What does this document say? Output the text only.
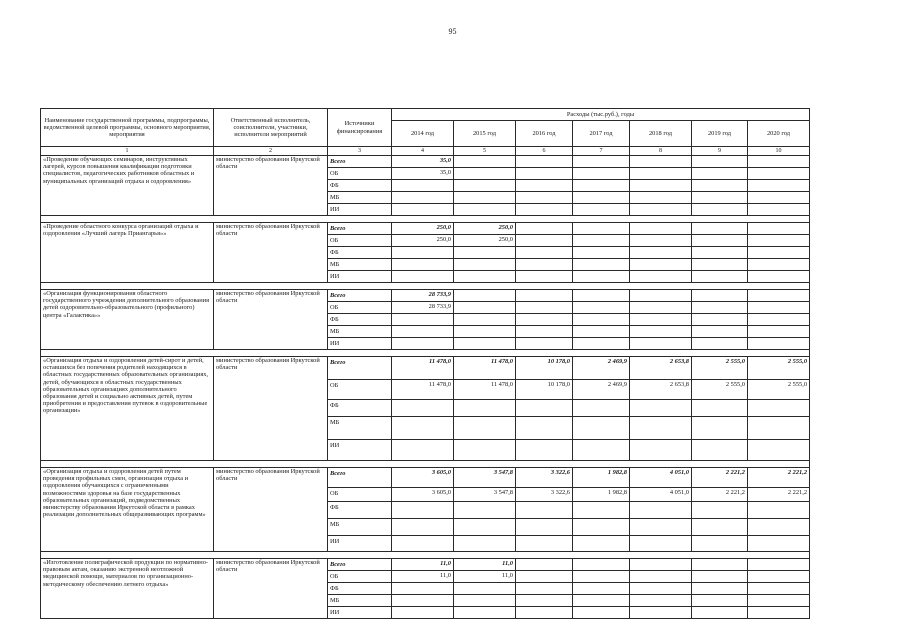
95
Наименование государственной программы, подпрограммы, ведомственной целевой программы, основного мероприятия, мероприятия	Ответственный исполнитель, соисполнители, участники, исполнители мероприятий	Источники финансирования	Расходы (тыс.руб.), годы						
			2014 год	2015 год	2016 год	2017 год	2018 год	2019 год	2020 год
1	2	3	4	5	6	7	8	9	10
«Проведение обучающих семинаров, инструктивных лагерей, курсов повышения квалификации подготовки специалистов, педагогических работников областных и муниципальных организаций отдыха и оздоровления»	министерство образования Иркутской области	Всего	35,0						
		ОБ	35,0						
		ФБ							
		МБ							
		ИИ							

«Проведение областного конкурса организаций отдыха и оздоровления «Лучший лагерь Приангарья»»	министерство образования Иркутской области	Всего	250,0	250,0					
		ОБ	250,0	250,0					
		ФБ							
		МБ							
		ИИ							

«Организация функционирования областного государственного учреждения дополнительного образования детей оздоровительно-образовательного (профильного) центра «Галактика»»	министерство образования Иркутской области	Всего	28 733,9						
		ОБ	28 733,9						
		ФБ							
		МБ							
		ИИ							

«Организация отдыха и оздоровления детей-сирот и детей, оставшихся без попечения родителей находящихся в областных государственных образовательных организациях, детей, обучающихся в областных государственных образовательных организациях дополнительного образования детей и социально активных детей, путем приобретения и предоставления путевок в оздоровительные организации»	министерство образования Иркутской области	Всего	11 478,0	11 478,0	10 178,0	2 469,9	2 653,8	2 555,0	2 555,0
		ОБ	11 478,0	11 478,0	10 178,0	2 469,9	2 653,8	2 555,0	2 555,0
		ФБ							
		МБ							
		ИИ							

«Организация отдыха и оздоровления детей путем проведения профильных смен, организация отдыха и оздоровления обучающихся с ограниченными возможностями здоровья на базе государственных образовательных организаций, подведомственных министерству образования Иркутской области в рамках реализации дополнительных общеразвивающих программ»	министерство образования Иркутской области	Всего	3 605,0	3 547,8	3 322,6	1 982,8	4 051,0	2 221,2	2 221,2
		ОБ	3 605,0	3 547,8	3 322,6	1 982,8	4 051,0	2 221,2	2 221,2
		ФБ							
		МБ							
		ИИ							

«Изготовление полиграфической продукции по нормативно-правовым актам, оказанию экстренной неотложной медицинской помощи, материалов по организационно-методическому обеспечению летнего отдыха»	министерство образования Иркутской области	Всего	11,0	11,0					
		ОБ	11,0	11,0					
		ФБ							
		МБ							
		ИИ							
